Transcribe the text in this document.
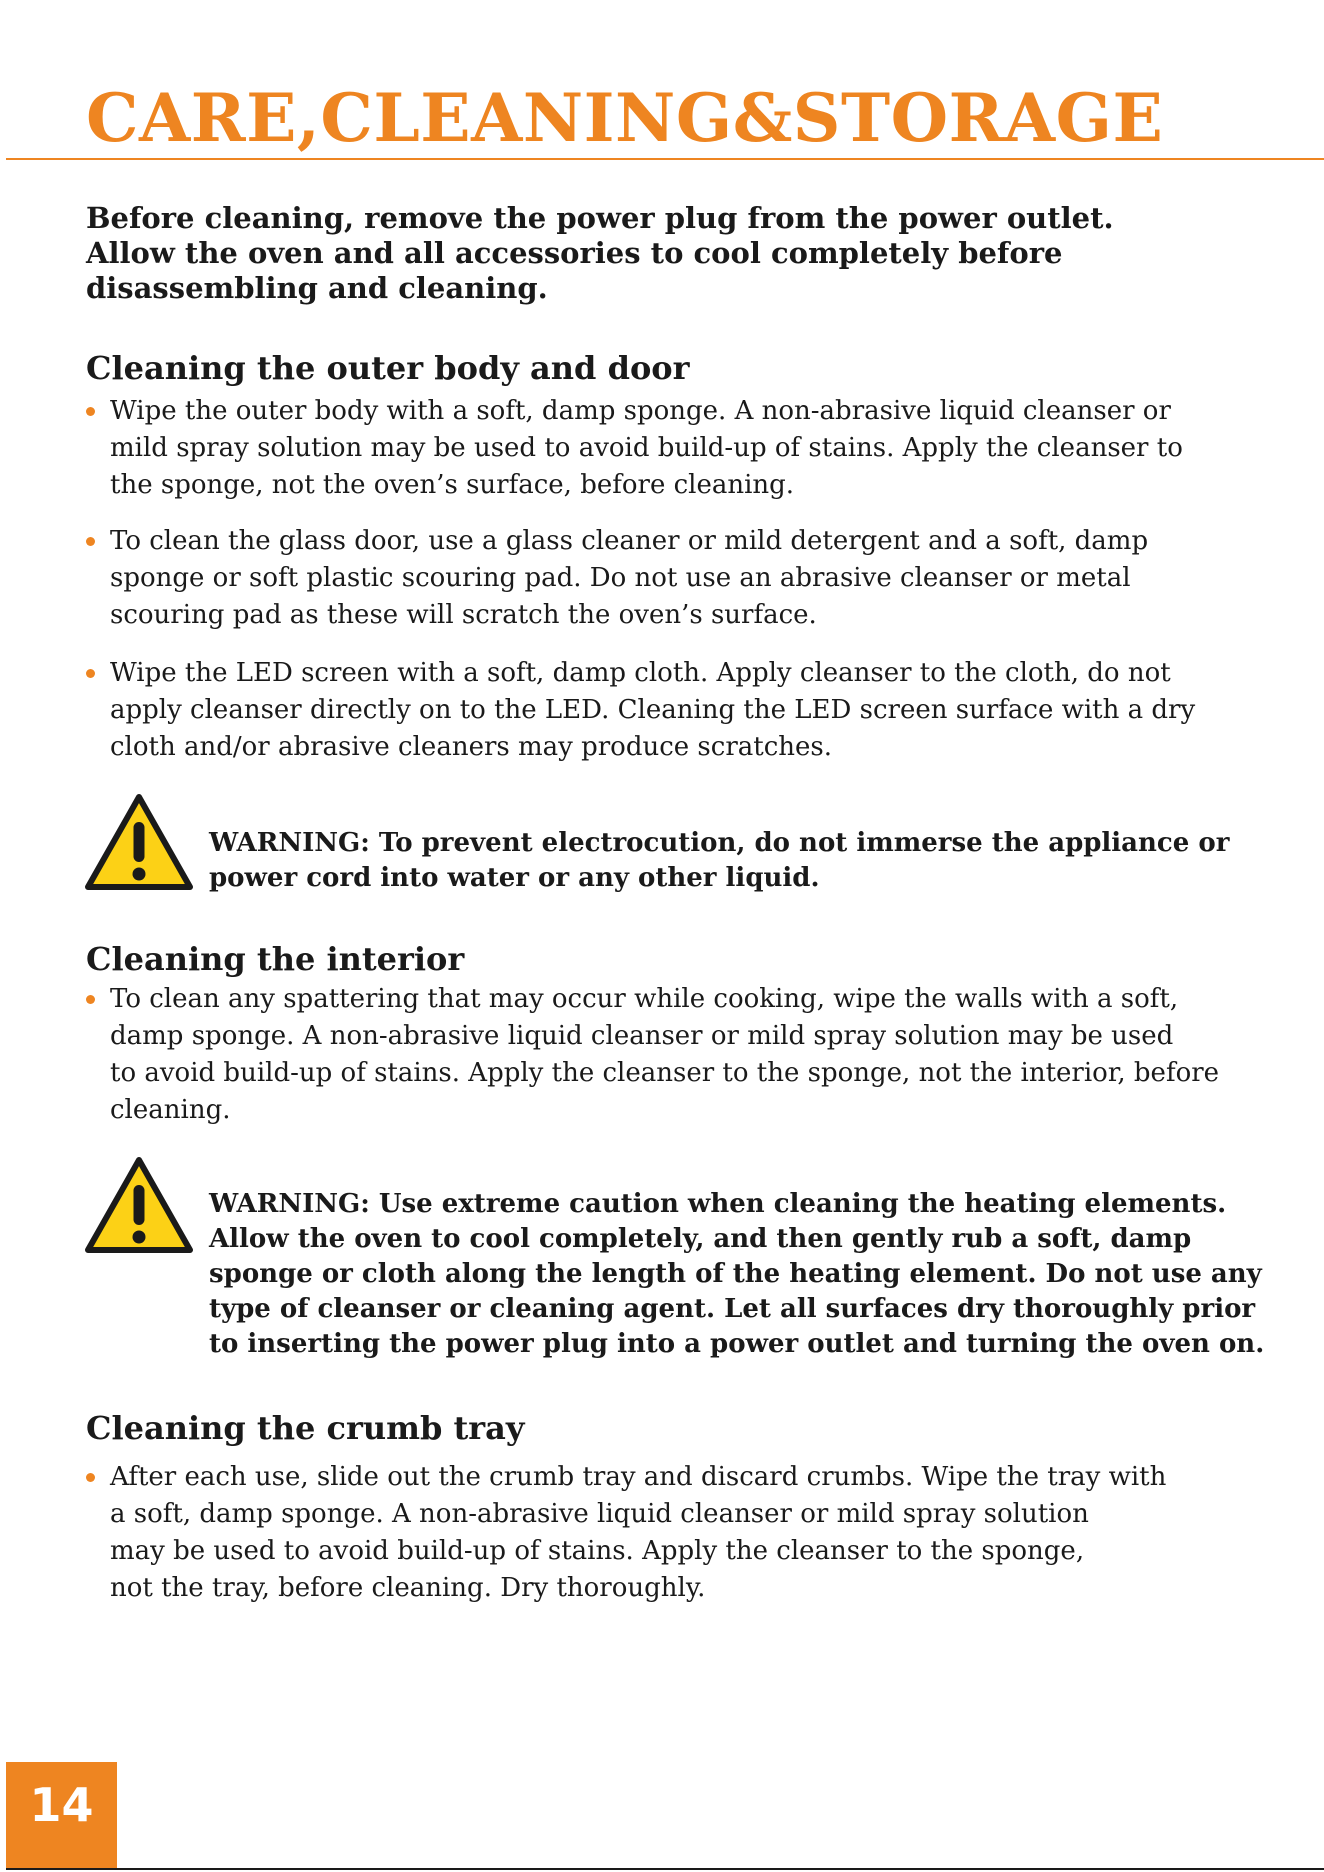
CARE,CLEANING&STORAGE

Before cleaning, remove the power plug from the power outlet.
Allow the oven and all accessories to cool completely before
disassembling and cleaning.

Cleaning the outer body and door
Wipe the outer body with a soft, damp sponge. A non-abrasive liquid cleanser or
mild spray solution may be used to avoid build-up of stains. Apply the cleanser to
the sponge, not the oven’s surface, before cleaning.
To clean the glass door, use a glass cleaner or mild detergent and a soft, damp
sponge or soft plastic scouring pad. Do not use an abrasive cleanser or metal
scouring pad as these will scratch the oven’s surface.
Wipe the LED screen with a soft, damp cloth. Apply cleanser to the cloth, do not
apply cleanser directly on to the LED. Cleaning the LED screen surface with a dry
cloth and/or abrasive cleaners may produce scratches.

WARNING: To prevent electrocution, do not immerse the appliance or
power cord into water or any other liquid.

Cleaning the interior
To clean any spattering that may occur while cooking, wipe the walls with a soft,
damp sponge. A non-abrasive liquid cleanser or mild spray solution may be used
to avoid build-up of stains. Apply the cleanser to the sponge, not the interior, before
cleaning.

WARNING: Use extreme caution when cleaning the heating elements.
Allow the oven to cool completely, and then gently rub a soft, damp
sponge or cloth along the length of the heating element. Do not use any
type of cleanser or cleaning agent. Let all surfaces dry thoroughly prior
to inserting the power plug into a power outlet and turning the oven on.

Cleaning the crumb tray
After each use, slide out the crumb tray and discard crumbs. Wipe the tray with
a soft, damp sponge. A non-abrasive liquid cleanser or mild spray solution
may be used to avoid build-up of stains. Apply the cleanser to the sponge,
not the tray, before cleaning. Dry thoroughly.
14
